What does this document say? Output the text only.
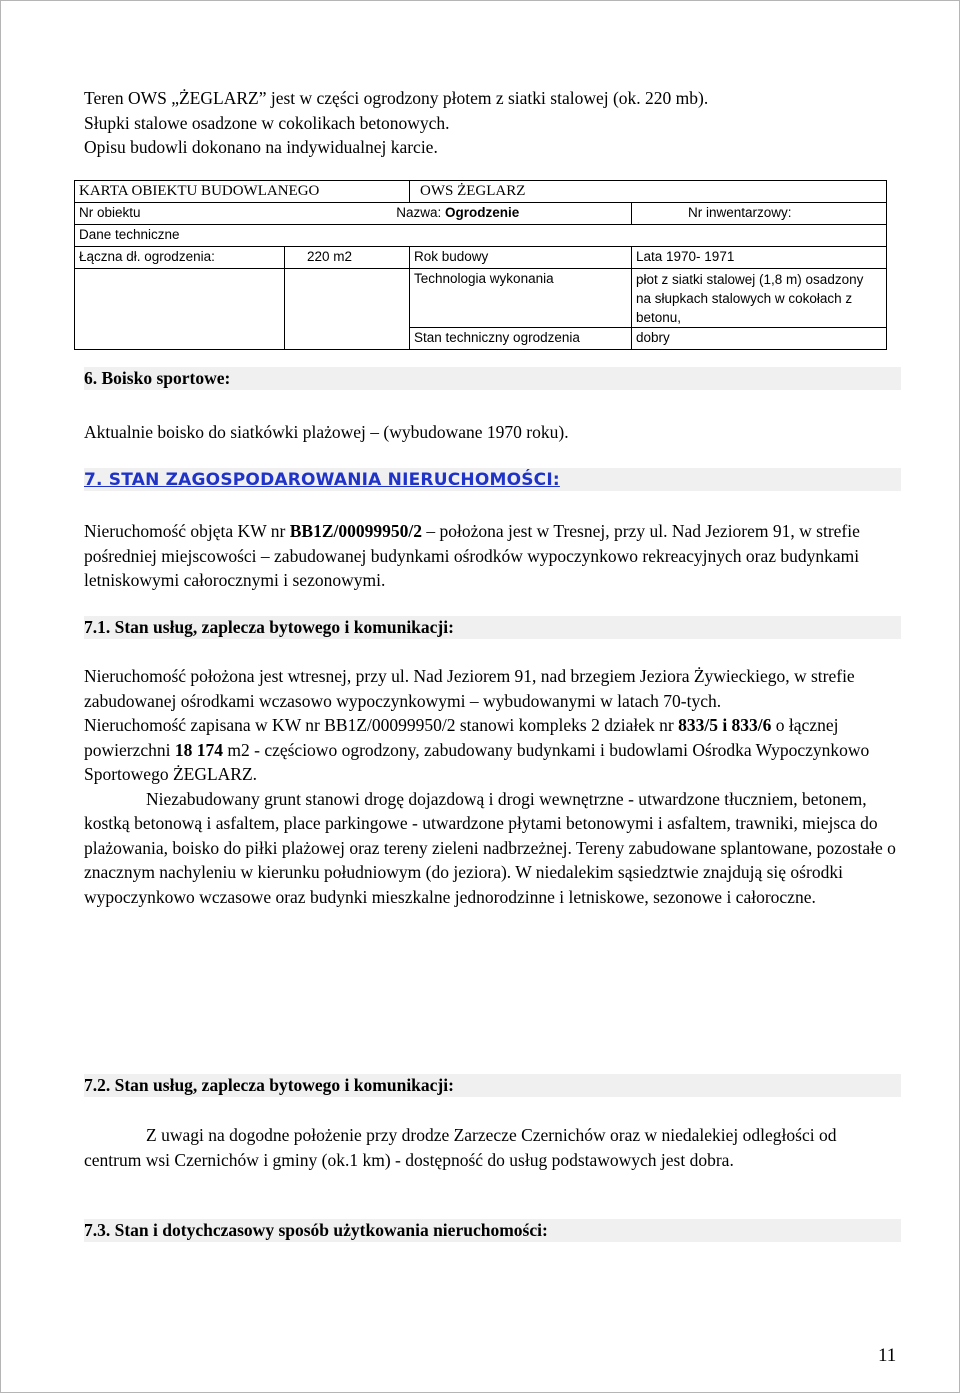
Teren OWS „ŻEGLARZ” jest w części ogrodzony płotem z siatki stalowej (ok. 220 mb).

Słupki stalowe osadzone w cokolikach betonowych.

Opisu budowli dokonano na indywidualnej karcie.

KARTA OBIEKTU BUDOWLANEGO		OWS ŻEGLARZ	
Nr obiektu	Nazwa: Ogrodzenie		Nr inwentarzowy:
Dane techniczne			
Łączna dł. ogrodzenia:	220 m2	Rok budowy	Lata 1970- 1971
		Technologia wykonania	płot z siatki stalowej (1,8 m) osadzony na słupkach stalowych w cokołach z betonu,
		Stan techniczny ogrodzenia	dobry
6. Boisko sportowe:
Aktualnie boisko do siatkówki plażowej – (wybudowane 1970 roku).
7. STAN ZAGOSPODAROWANIA NIERUCHOMOŚCI:
Nieruchomość objęta KW nr BB1Z/00099950/2 – położona jest w Tresnej, przy ul. Nad Jeziorem 91, w strefie pośredniej miejscowości – zabudowanej budynkami ośrodków wypoczynkowo rekreacyjnych oraz budynkami letniskowymi całorocznymi i sezonowymi.
7.1. Stan usług, zaplecza bytowego i komunikacji:

Nieruchomość położona jest wtresnej, przy ul. Nad Jeziorem 91, nad brzegiem Jeziora Żywieckiego, w strefie zabudowanej ośrodkami wczasowo wypoczynkowymi – wybudowanymi w latach 70-tych.

Nieruchomość zapisana w KW nr BB1Z/00099950/2 stanowi kompleks 2 działek nr 833/5 i 833/6 o łącznej powierzchni 18 174 m2 - częściowo ogrodzony, zabudowany budynkami i budowlami Ośrodka Wypoczynkowo Sportowego ŻEGLARZ.

Niezabudowany grunt stanowi drogę dojazdową i drogi wewnętrzne - utwardzone tłuczniem, betonem, kostką betonową i asfaltem, place parkingowe - utwardzone płytami betonowymi i asfaltem, trawniki, miejsca do plażowania, boisko do piłki plażowej oraz tereny zieleni nadbrzeżnej. Tereny zabudowane splantowane, pozostałe o znacznym nachyleniu w kierunku południowym (do jeziora). W niedalekim sąsiedztwie znajdują się ośrodki wypoczynkowo wczasowe oraz budynki mieszkalne jednorodzinne i letniskowe, sezonowe i całoroczne.

7.2. Stan usług, zaplecza bytowego i komunikacji:

Z uwagi na dogodne położenie przy drodze Zarzecze Czernichów oraz w niedalekiej odległości od centrum wsi Czernichów i gminy (ok.1 km) - dostępność do usług podstawowych jest dobra.

7.3. Stan i dotychczasowy sposób użytkowania nieruchomości:
11
